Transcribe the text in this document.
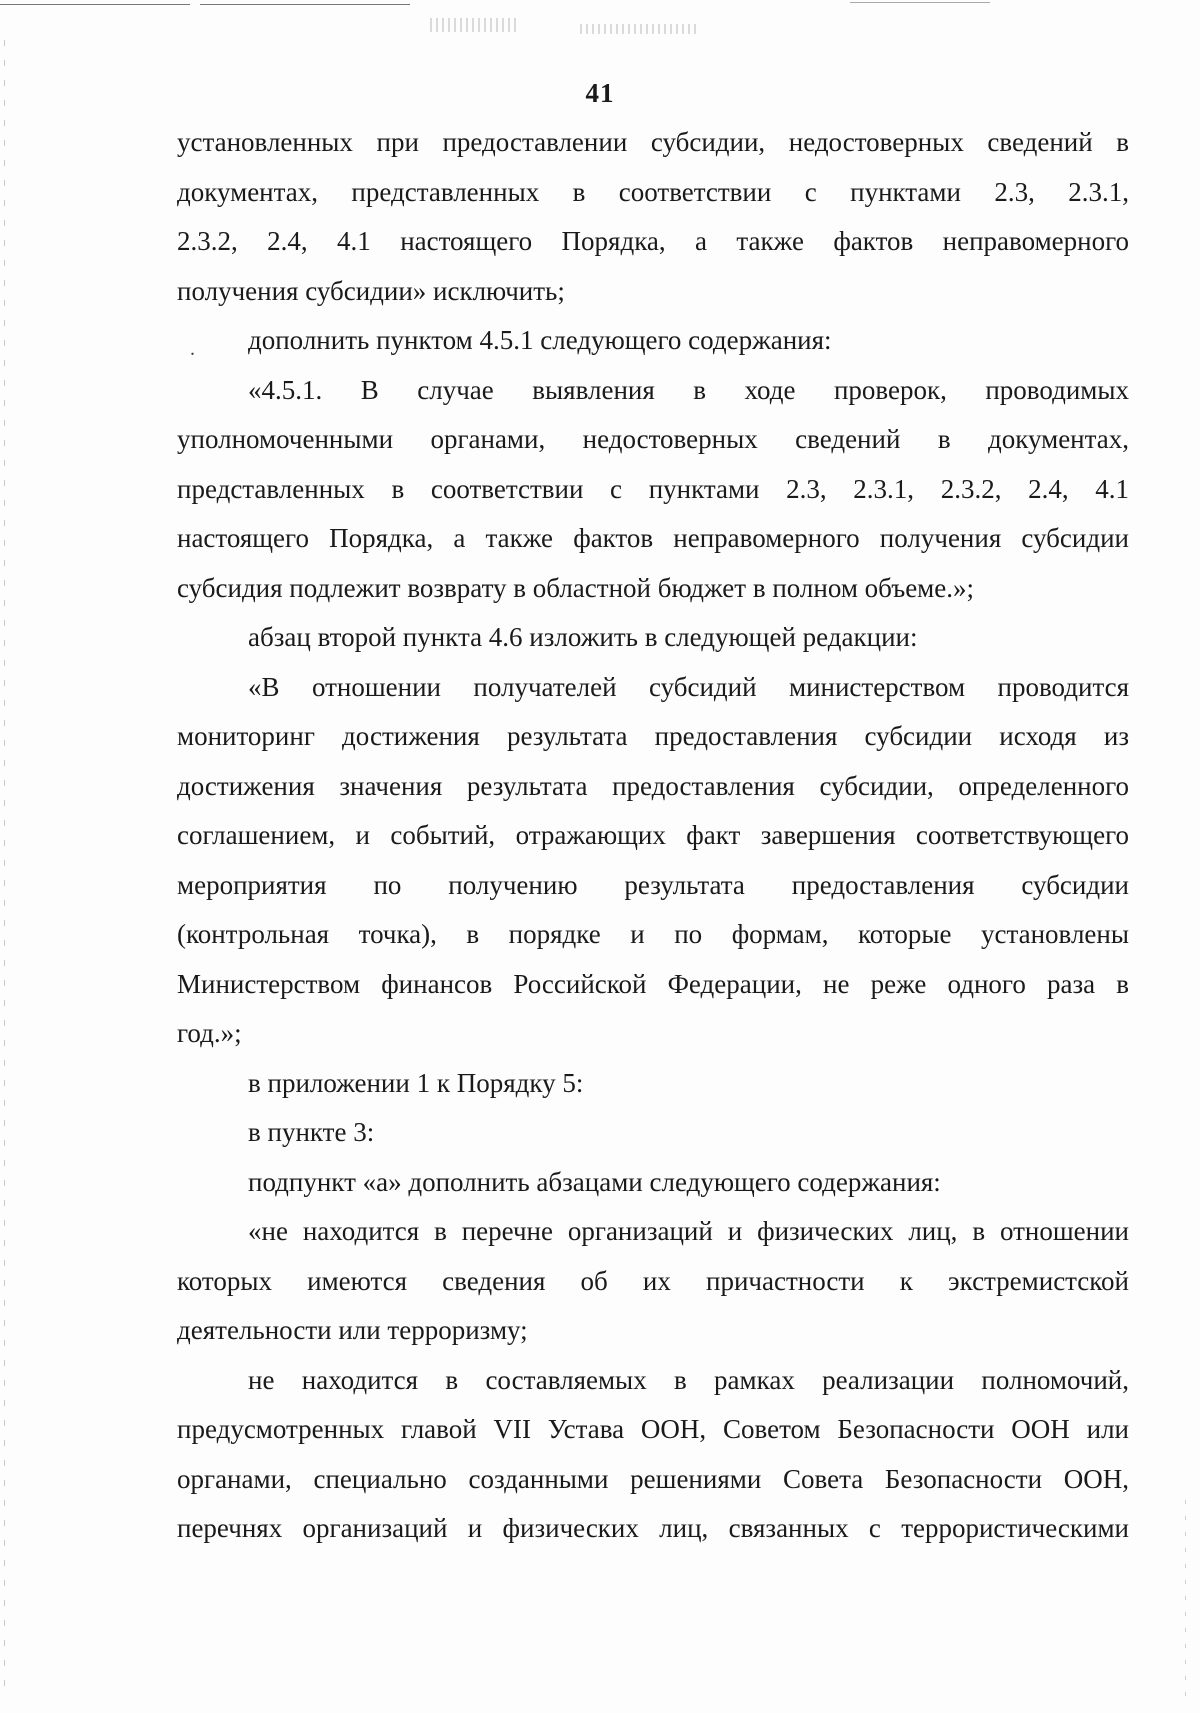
41
.
установленных при предоставлении субсидии, недостоверных сведений в
документах, представленных в соответствии с пунктами 2.3, 2.3.1,
2.3.2, 2.4, 4.1 настоящего Порядка, а также фактов неправомерного
получения субсидии» исключить;
дополнить пунктом 4.5.1 следующего содержания:
«4.5.1. В случае выявления в ходе проверок, проводимых
уполномоченными органами, недостоверных сведений в документах,
представленных в соответствии с пунктами 2.3, 2.3.1, 2.3.2, 2.4, 4.1
настоящего Порядка, а также фактов неправомерного получения субсидии
субсидия подлежит возврату в областной бюджет в полном объеме.»;
абзац второй пункта 4.6 изложить в следующей редакции:
«В отношении получателей субсидий министерством проводится
мониторинг достижения результата предоставления субсидии исходя из
достижения значения результата предоставления субсидии, определенного
соглашением, и событий, отражающих факт завершения соответствующего
мероприятия по получению результата предоставления субсидии
(контрольная точка), в порядке и по формам, которые установлены
Министерством финансов Российской Федерации, не реже одного раза в
год.»;
в приложении 1 к Порядку 5:
в пункте 3:
подпункт «а» дополнить абзацами следующего содержания:
«не находится в перечне организаций и физических лиц, в отношении
которых имеются сведения об их причастности к экстремистской
деятельности или терроризму;
не находится в составляемых в рамках реализации полномочий,
предусмотренных главой VII Устава ООН, Советом Безопасности ООН или
органами, специально созданными решениями Совета Безопасности ООН,
перечнях организаций и физических лиц, связанных с террористическими
